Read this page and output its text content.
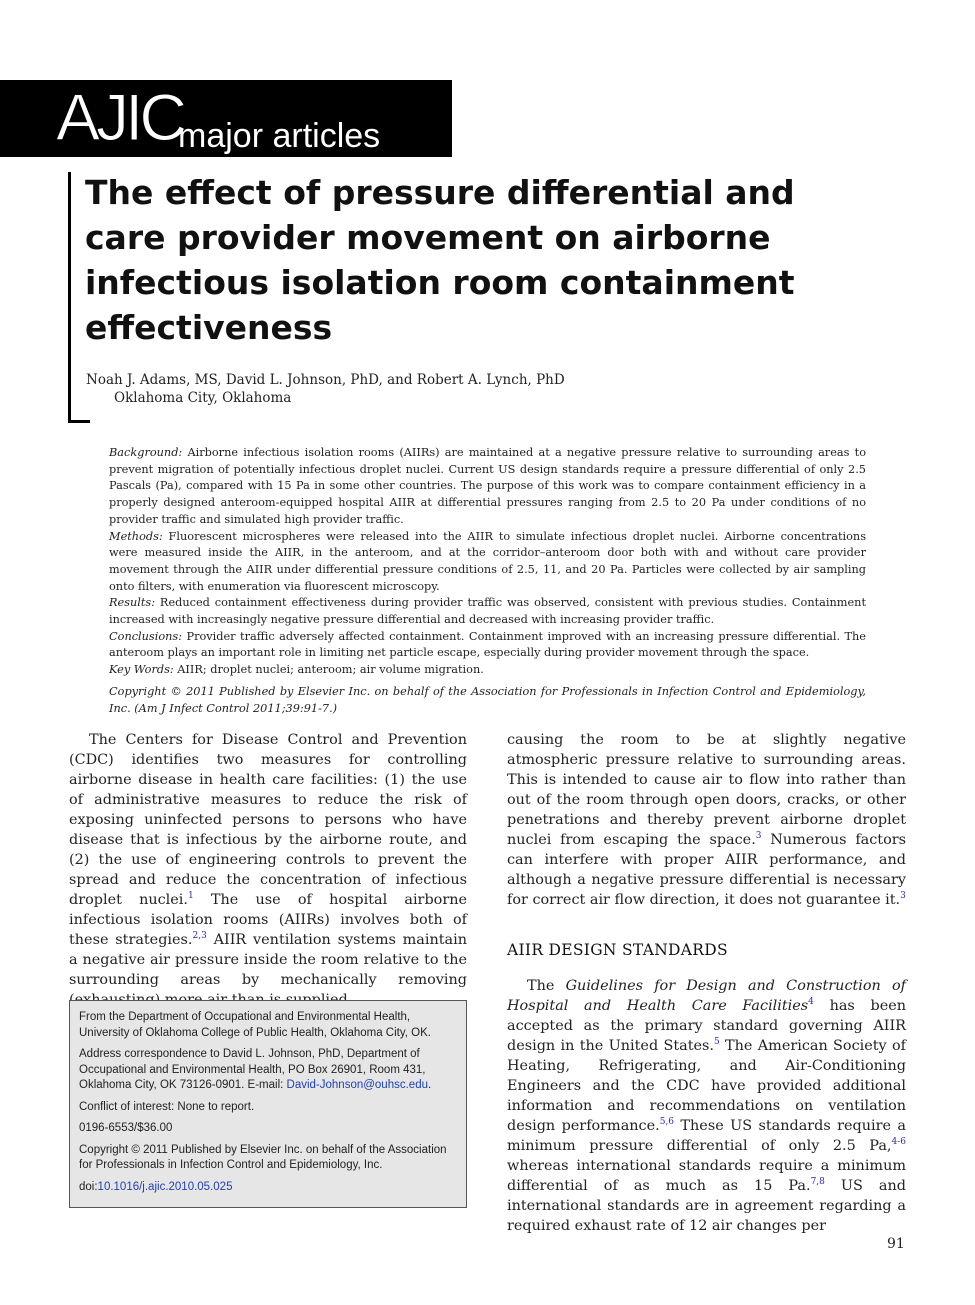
AJIC
major articles
The effect of pressure differential and care provider movement on airborne infectious isolation room containment effectiveness
Noah J. Adams, MS, David L. Johnson, PhD, and Robert A. Lynch, PhD
Oklahoma City, Oklahoma

Background: Airborne infectious isolation rooms (AIIRs) are maintained at a negative pressure relative to surrounding areas to prevent migration of potentially infectious droplet nuclei. Current US design standards require a pressure differential of only 2.5 Pascals (Pa), compared with 15 Pa in some other countries. The purpose of this work was to compare containment efficiency in a properly designed anteroom-equipped hospital AIIR at differential pressures ranging from 2.5 to 20 Pa under conditions of no provider traffic and simulated high provider traffic.

Methods: Fluorescent microspheres were released into the AIIR to simulate infectious droplet nuclei. Airborne concentrations were measured inside the AIIR, in the anteroom, and at the corridor–anteroom door both with and without care provider movement through the AIIR under differential pressure conditions of 2.5, 11, and 20 Pa. Particles were collected by air sampling onto filters, with enumeration via fluorescent microscopy.

Results: Reduced containment effectiveness during provider traffic was observed, consistent with previous studies. Containment increased with increasingly negative pressure differential and decreased with increasing provider traffic.

Conclusions: Provider traffic adversely affected containment. Containment improved with an increasing pressure differential. The anteroom plays an important role in limiting net particle escape, especially during provider movement through the space.

Key Words: AIIR; droplet nuclei; anteroom; air volume migration.

Copyright © 2011 Published by Elsevier Inc. on behalf of the Association for Professionals in Infection Control and Epidemiology, Inc. (Am J Infect Control 2011;39:91-7.)

The Centers for Disease Control and Prevention (CDC) identifies two measures for controlling airborne disease in health care facilities: (1) the use of administrative measures to reduce the risk of exposing uninfected persons to persons who have disease that is infectious by the airborne route, and (2) the use of engineering controls to prevent the spread and reduce the concentration of infectious droplet nuclei.$^1$ The use of hospital airborne infectious isolation rooms (AIIRs) involves both of these strategies.$^{2,3}$ AIIR ventilation systems maintain a negative air pressure inside the room relative to the surrounding areas by mechanically removing

From the Department of Occupational and Environmental Health, University of Oklahoma College of Public Health, Oklahoma City, OK.

Address correspondence to David L. Johnson, PhD, Department of Occupational and Environmental Health, PO Box 26901, Room 431, Oklahoma City, OK 73126-0901. E-mail: David-Johnson@ouhsc.edu.

Conflict of interest: None to report.

0196-6553/$36.00

Copyright © 2011 Published by Elsevier Inc. on behalf of the Association for Professionals in Infection Control and Epidemiology, Inc.

doi:10.1016/j.ajic.2010.05.025

causing the room to be at slightly negative atmospheric pressure relative to surrounding areas. This is intended to cause air to flow into rather than out of the room through open doors, cracks, or other penetrations and thereby prevent airborne droplet nuclei from escaping the space.$^3$ Numerous factors can interfere with proper AIIR performance, and although a negative pressure differential is necessary for correct air flow direction, it does not guarantee it.$^3$

AIIR DESIGN STANDARDS

The Guidelines for Design and Construction of Hospital and Health Care Facilities$^4$ has been accepted as the primary standard governing AIIR design in the United States.$^5$ The American Society of Heating, Refrigerating, and Air-Conditioning Engineers and the CDC have provided additional information and recommendations on ventilation design performance.$^{5,6}$ These US standards require a minimum pressure differential of only 2.5 Pa,$^{4-6}$ whereas international standards require a minimum differential of as much as 15 Pa.$^{7,8}$ US and international standards are in agreement regarding a required exhaust rate of 12 air changes per

91
